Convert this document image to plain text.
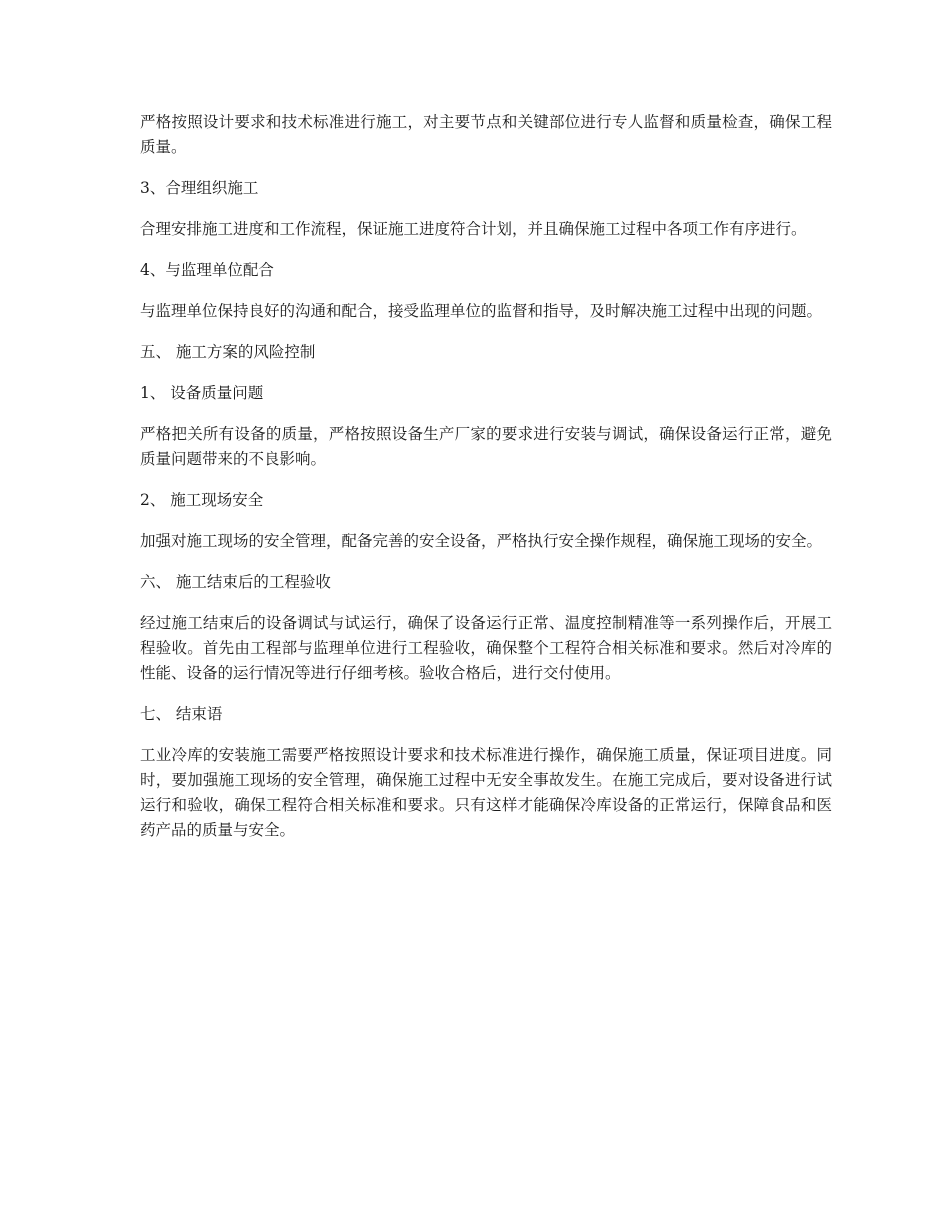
严格按照设计要求和技术标准进行施工，对主要节点和关键部位进行专人监督和质量检查，确保工程质量。

3、合理组织施工

合理安排施工进度和工作流程，保证施工进度符合计划，并且确保施工过程中各项工作有序进行。

4、与监理单位配合

与监理单位保持良好的沟通和配合，接受监理单位的监督和指导，及时解决施工过程中出现的问题。

五、 施工方案的风险控制

1、 设备质量问题

严格把关所有设备的质量，严格按照设备生产厂家的要求进行安装与调试，确保设备运行正常，避免质量问题带来的不良影响。

2、 施工现场安全

加强对施工现场的安全管理，配备完善的安全设备，严格执行安全操作规程，确保施工现场的安全。

六、 施工结束后的工程验收

经过施工结束后的设备调试与试运行，确保了设备运行正常、温度控制精准等一系列操作后，开展工程验收。首先由工程部与监理单位进行工程验收，确保整个工程符合相关标准和要求。然后对冷库的性能、设备的运行情况等进行仔细考核。验收合格后，进行交付使用。

七、 结束语

工业冷库的安装施工需要严格按照设计要求和技术标准进行操作，确保施工质量，保证项目进度。同时，要加强施工现场的安全管理，确保施工过程中无安全事故发生。在施工完成后，要对设备进行试运行和验收，确保工程符合相关标准和要求。只有这样才能确保冷库设备的正常运行，保障食品和医药产品的质量与安全。
